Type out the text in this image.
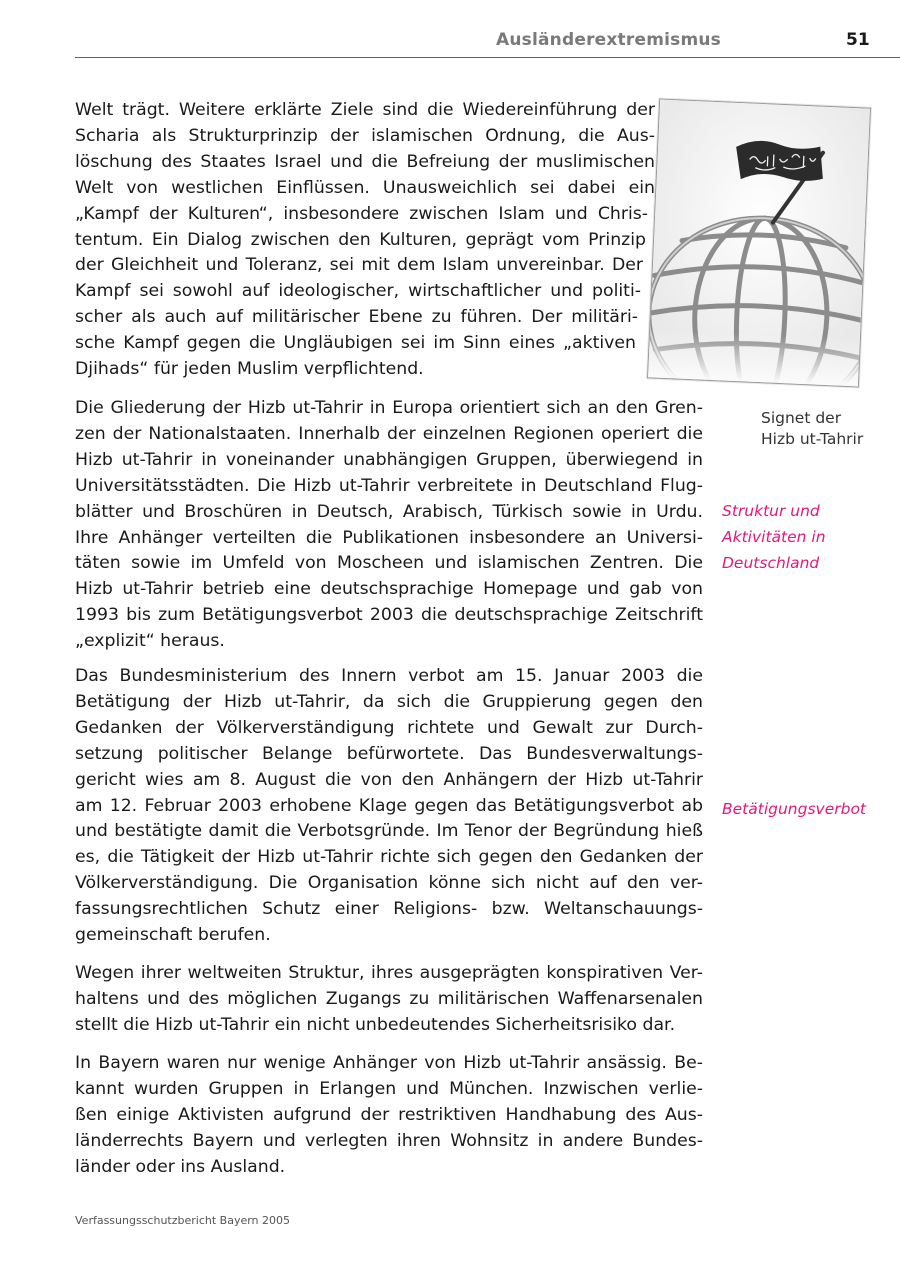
Ausländerextremismus	51
Welt trägt. Weitere erklärte Ziele sind die Wiedereinführung der
Scharia als Strukturprinzip der islamischen Ordnung, die Aus-
löschung des Staates Israel und die Befreiung der muslimischen
Welt von westlichen Einflüssen. Unausweichlich sei dabei ein
„Kampf der Kulturen“, insbesondere zwischen Islam und Chris-
tentum. Ein Dialog zwischen den Kulturen, geprägt vom Prinzip
der Gleichheit und Toleranz, sei mit dem Islam unvereinbar. Der
Kampf sei sowohl auf ideologischer, wirtschaftlicher und politi-
scher als auch auf militärischer Ebene zu führen. Der militäri-
sche Kampf gegen die Ungläubigen sei im Sinn eines „aktiven
Djihads“ für jeden Muslim verpflichtend.
Signet der
Hizb ut-Tahrir
Die Gliederung der Hizb ut-Tahrir in Europa orientiert sich an den Gren-
zen der Nationalstaaten. Innerhalb der einzelnen Regionen operiert die
Hizb ut-Tahrir in voneinander unabhängigen Gruppen, überwiegend in
Universitätsstädten. Die Hizb ut-Tahrir verbreitete in Deutschland Flug-
blätter und Broschüren in Deutsch, Arabisch, Türkisch sowie in Urdu.
Ihre Anhänger verteilten die Publikationen insbesondere an Universi-
täten sowie im Umfeld von Moscheen und islamischen Zentren. Die
Hizb ut-Tahrir betrieb eine deutschsprachige Homepage und gab von
1993 bis zum Betätigungsverbot 2003 die deutschsprachige Zeitschrift
„explizit“ heraus.
Struktur und
Aktivitäten in
Deutschland
Das Bundesministerium des Innern verbot am 15. Januar 2003 die
Betätigung der Hizb ut-Tahrir, da sich die Gruppierung gegen den
Gedanken der Völkerverständigung richtete und Gewalt zur Durch-
setzung politischer Belange befürwortete. Das Bundesverwaltungs-
gericht wies am 8. August die von den Anhängern der Hizb ut-Tahrir
am 12. Februar 2003 erhobene Klage gegen das Betätigungsverbot ab
und bestätigte damit die Verbotsgründe. Im Tenor der Begründung hieß
es, die Tätigkeit der Hizb ut-Tahrir richte sich gegen den Gedanken der
Völkerverständigung. Die Organisation könne sich nicht auf den ver-
fassungsrechtlichen Schutz einer Religions- bzw. Weltanschauungs-
gemeinschaft berufen.
Betätigungsverbot
Wegen ihrer weltweiten Struktur, ihres ausgeprägten konspirativen Ver-
haltens und des möglichen Zugangs zu militärischen Waffenarsenalen
stellt die Hizb ut-Tahrir ein nicht unbedeutendes Sicherheitsrisiko dar.
In Bayern waren nur wenige Anhänger von Hizb ut-Tahrir ansässig. Be-
kannt wurden Gruppen in Erlangen und München. Inzwischen verlie-
ßen einige Aktivisten aufgrund der restriktiven Handhabung des Aus-
länderrechts Bayern und verlegten ihren Wohnsitz in andere Bundes-
länder oder ins Ausland.
Verfassungsschutzbericht Bayern 2005
